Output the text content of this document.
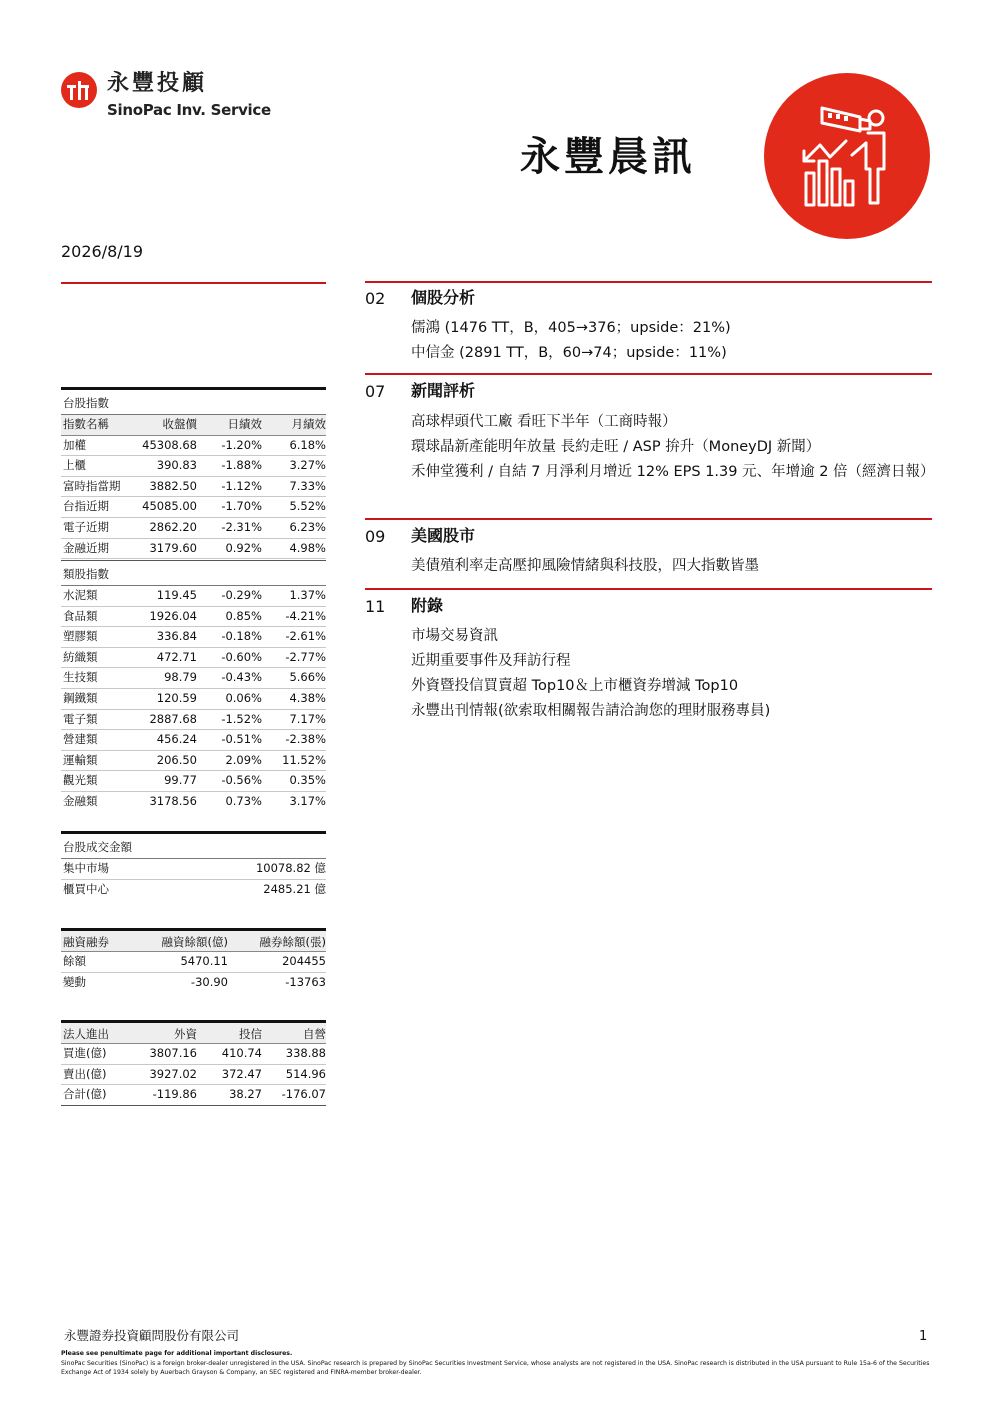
永豐投顧
SinoPac Inv. Service
永豐晨訊
2026/8/19
台股指數
指數名稱	收盤價	日績效	月績效
加權	45308.68	-1.20%	6.18%
上櫃	390.83	-1.88%	3.27%
富時指當期	3882.50	-1.12%	7.33%
台指近期	45085.00	-1.70%	5.52%
電子近期	2862.20	-2.31%	6.23%
金融近期	3179.60	0.92%	4.98%
類股指數
水泥類	119.45	-0.29%	1.37%
食品類	1926.04	0.85%	-4.21%
塑膠類	336.84	-0.18%	-2.61%
紡織類	472.71	-0.60%	-2.77%
生技類	98.79	-0.43%	5.66%
鋼鐵類	120.59	0.06%	4.38%
電子類	2887.68	-1.52%	7.17%
營建類	456.24	-0.51%	-2.38%
運輸類	206.50	2.09%	11.52%
觀光類	99.77	-0.56%	0.35%
金融類	3178.56	0.73%	3.17%
台股成交金額
集中市場	10078.82 億
櫃買中心	2485.21 億
融資融券	融資餘額(億)	融券餘額(張)
餘額	5470.11	204455
變動	-30.90	-13763
法人進出	外資	投信	自營
買進(億)	3807.16	410.74	338.88
賣出(億)	3927.02	372.47	514.96
合計(億)	-119.86	38.27	-176.07
02 個股分析
儒鴻 (1476 TT，B，405→376；upside：21%)
中信金 (2891 TT，B，60→74；upside：11%)
07 新聞評析
高球桿頭代工廠 看旺下半年（工商時報）
環球晶新產能明年放量 長約走旺 / ASP 拚升（MoneyDJ 新聞）
禾伸堂獲利 / 自結 7 月淨利月增近 12% EPS 1.39 元、年增逾 2 倍（經濟日報）
09 美國股市
美債殖利率走高壓抑風險情緒與科技股，四大指數皆墨
11 附錄
市場交易資訊
近期重要事件及拜訪行程
外資暨投信買賣超 Top10＆上市櫃資券增減 Top10
永豐出刊情報(欲索取相關報告請洽詢您的理財服務專員)
永豐證券投資顧問股份有限公司	1
Please see penultimate page for additional important disclosures.
SinoPac Securities (SinoPac) is a foreign broker-dealer unregistered in the USA. SinoPac research is prepared by SinoPac Securities Investment Service, whose analysts are not registered in the USA. SinoPac research is distributed in the USA pursuant to Rule 15a-6 of the Securities Exchange Act of 1934 solely by Auerbach Grayson & Company, an SEC registered and FINRA-member broker-dealer.
